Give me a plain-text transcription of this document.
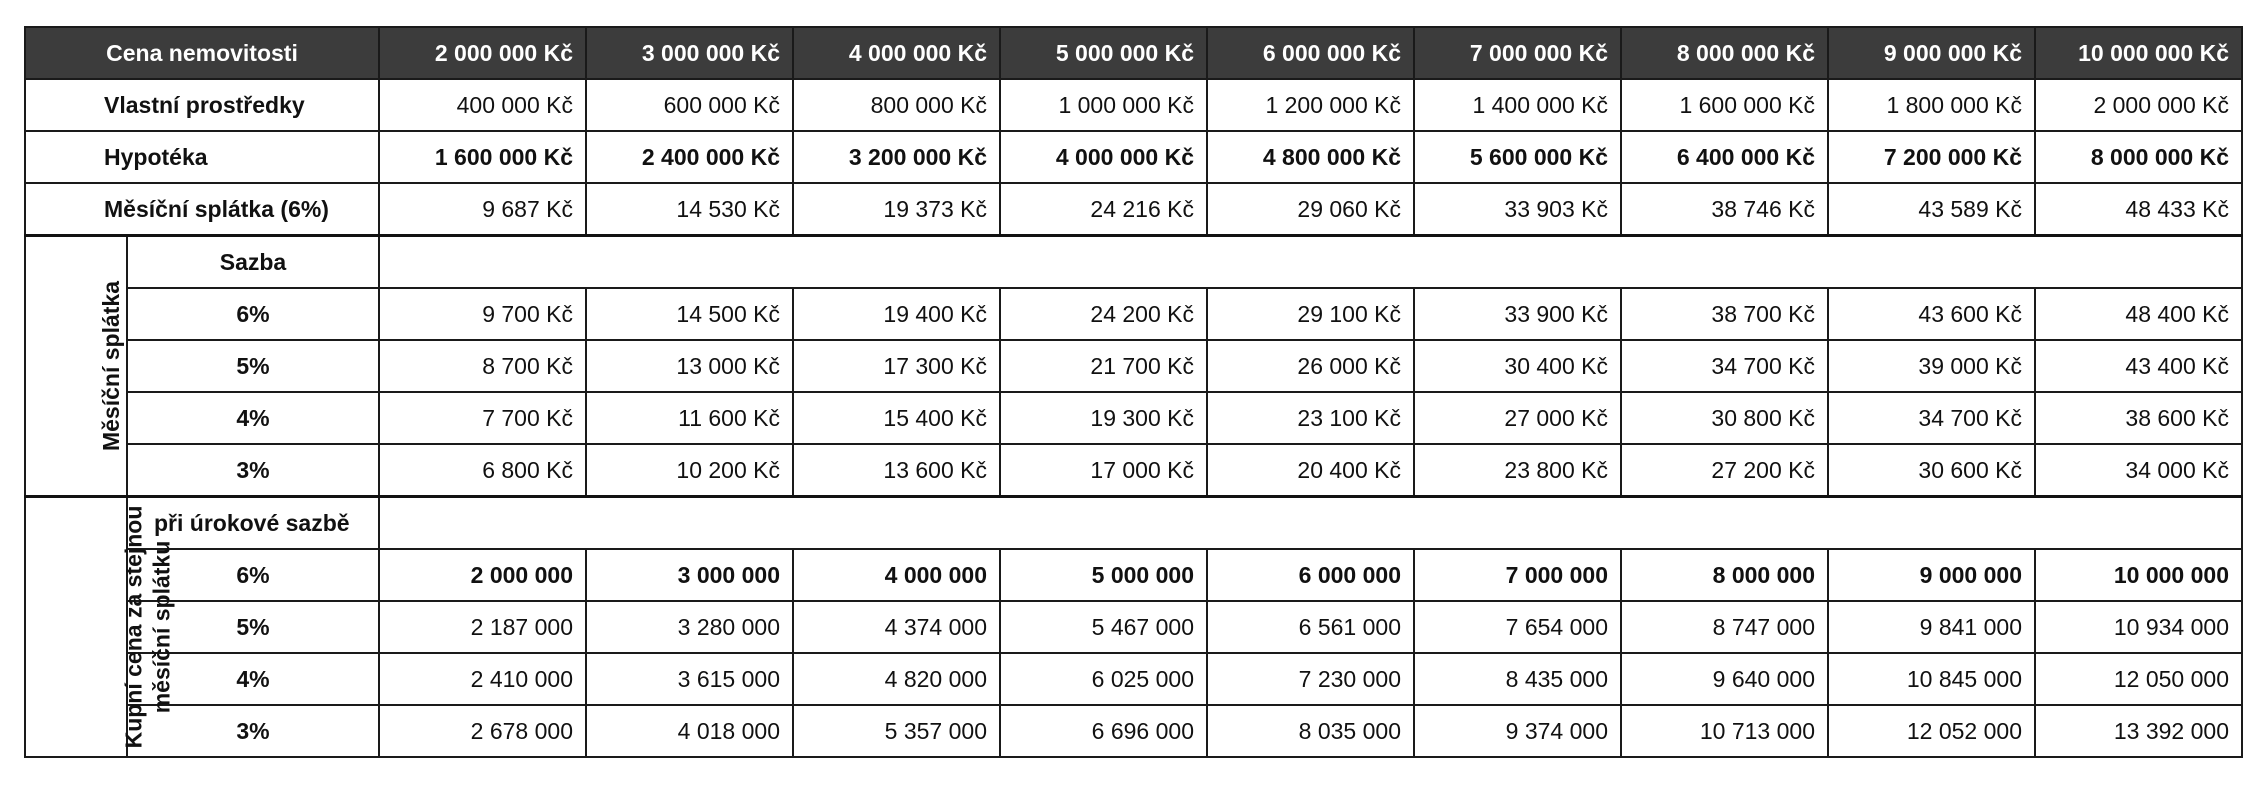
Cena nemovitosti		2 000 000 Kč	3 000 000 Kč	4 000 000 Kč	5 000 000 Kč	6 000 000 Kč	7 000 000 Kč	8 000 000 Kč	9 000 000 Kč	10 000 000 Kč
Vlastní prostředky		400 000 Kč	600 000 Kč	800 000 Kč	1 000 000 Kč	1 200 000 Kč	1 400 000 Kč	1 600 000 Kč	1 800 000 Kč	2 000 000 Kč
Hypotéka		1 600 000 Kč	2 400 000 Kč	3 200 000 Kč	4 000 000 Kč	4 800 000 Kč	5 600 000 Kč	6 400 000 Kč	7 200 000 Kč	8 000 000 Kč
Měsíční splátka (6%)		9 687 Kč	14 530 Kč	19 373 Kč	24 216 Kč	29 060 Kč	33 903 Kč	38 746 Kč	43 589 Kč	48 433 Kč

Měsíční splátka	Sazba									
	6%	9 700 Kč	14 500 Kč	19 400 Kč	24 200 Kč	29 100 Kč	33 900 Kč	38 700 Kč	43 600 Kč	48 400 Kč
	5%	8 700 Kč	13 000 Kč	17 300 Kč	21 700 Kč	26 000 Kč	30 400 Kč	34 700 Kč	39 000 Kč	43 400 Kč
	4%	7 700 Kč	11 600 Kč	15 400 Kč	19 300 Kč	23 100 Kč	27 000 Kč	30 800 Kč	34 700 Kč	38 600 Kč
	3%	6 800 Kč	10 200 Kč	13 600 Kč	17 000 Kč	20 400 Kč	23 800 Kč	27 200 Kč	30 600 Kč	34 000 Kč

Kupní cena za stejnou měsíční splátku	při úrokové sazbě									
	6%	2 000 000	3 000 000	4 000 000	5 000 000	6 000 000	7 000 000	8 000 000	9 000 000	10 000 000
	5%	2 187 000	3 280 000	4 374 000	5 467 000	6 561 000	7 654 000	8 747 000	9 841 000	10 934 000
	4%	2 410 000	3 615 000	4 820 000	6 025 000	7 230 000	8 435 000	9 640 000	10 845 000	12 050 000
	3%	2 678 000	4 018 000	5 357 000	6 696 000	8 035 000	9 374 000	10 713 000	12 052 000	13 392 000
